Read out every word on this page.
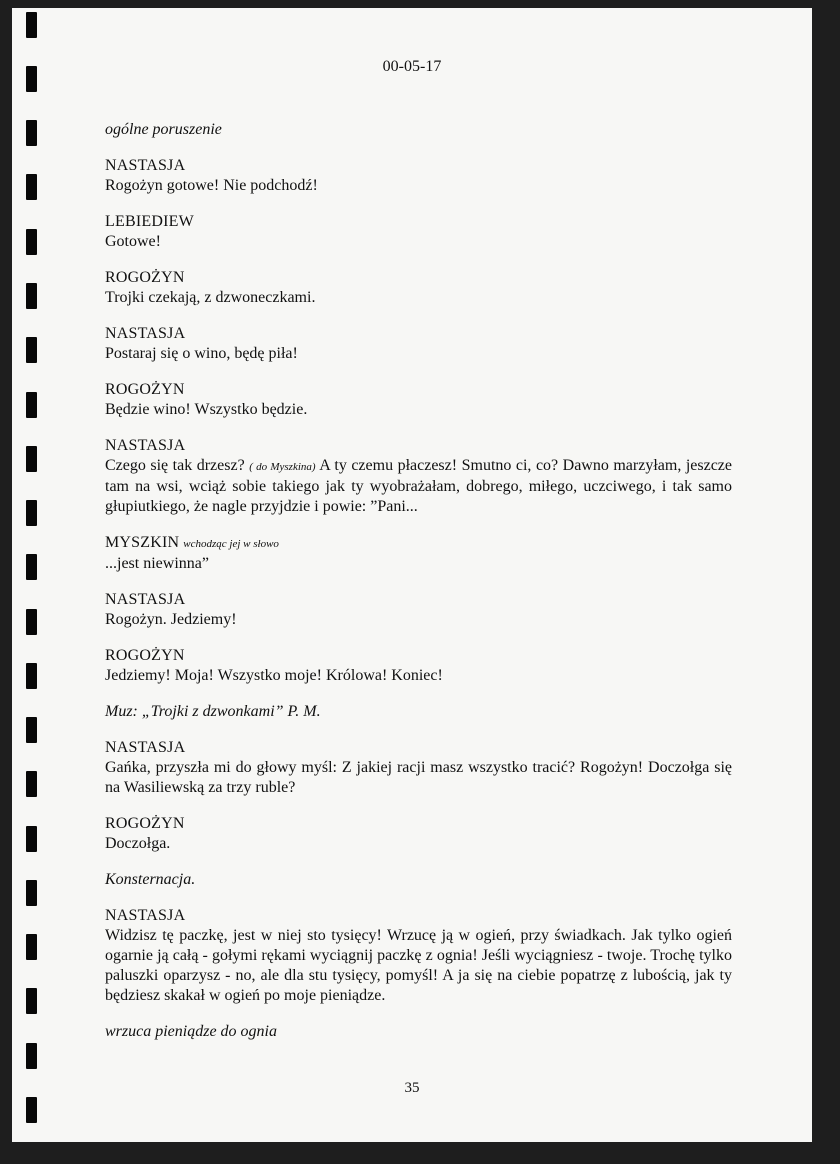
00-05-17
ogólne poruszenie
NASTASJA
Rogożyn gotowe! Nie podchodź!
LEBIEDIEW
Gotowe!
ROGOŻYN
Trojki czekają, z dzwoneczkami.
NASTASJA
Postaraj się o wino, będę piła!
ROGOŻYN
Będzie wino! Wszystko będzie.
NASTASJA
Czego się tak drzesz? ( do Myszkina) A ty czemu płaczesz! Smutno ci, co? Dawno marzyłam, jeszcze tam na wsi, wciąż sobie takiego jak ty wyobrażałam, dobrego, miłego, uczciwego, i tak samo głupiutkiego, że nagle przyjdzie i powie: ”Pani...
MYSZKIN wchodząc jej w słowo
...jest niewinna”
NASTASJA
Rogożyn. Jedziemy!
ROGOŻYN
Jedziemy! Moja! Wszystko moje! Królowa! Koniec!
Muz: „Trojki z dzwonkami” P. M.
NASTASJA
Gańka, przyszła mi do głowy myśl: Z jakiej racji masz wszystko tracić? Rogożyn! Doczołga się na Wasiliewską za trzy ruble?
ROGOŻYN
Doczołga.
Konsternacja.
NASTASJA
Widzisz tę paczkę, jest w niej sto tysięcy! Wrzucę ją w ogień, przy świadkach. Jak tylko ogień ogarnie ją całą - gołymi rękami wyciągnij paczkę z ognia! Jeśli wyciągniesz - twoje. Trochę tylko paluszki oparzysz - no, ale dla stu tysięcy, pomyśl! A ja się na ciebie popatrzę z lubością, jak ty będziesz skakał w ogień po moje pieniądze.
wrzuca pieniądze do ognia
35
